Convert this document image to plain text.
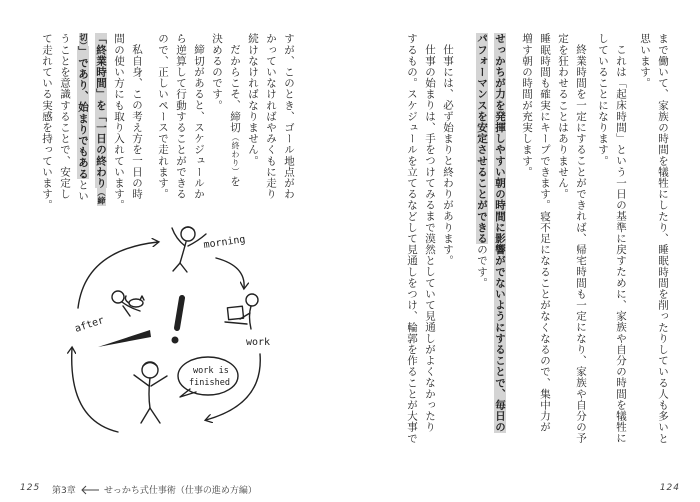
まで働いて、家族の時間を犠牲にしたり、睡眠時間を削ったりしている人も多いと
思います。
これは「起床時間」という一日の基準に戻すために、家族や自分の時間を犠牲に
していることになります。
終業時間を一定にすることができれば、帰宅時間も一定になり、家族や自分の予
定を狂わせることはありません。
睡眠時間も確実にキープできます。寝不足になることがなくなるので、集中力が
増す朝の時間が充実します。
せっかちが力を発揮しやすい朝の時間に影響がでないようにすることで、毎日の
パフォーマンスを安定させることができるのです。
仕事には、必ず始まりと終わりがあります。
仕事の始まりは、手をつけてみるまで漠然としていて見通しがよくなかったり
するもの。スケジュールを立てるなどして見通しをつけ、輪郭を作ることが大事で
すが、このとき、ゴール地点がわ
かっていなければやみくもに走り
続けなければなりません。
だからこそ、締切（終わり）を
決めるのです。
締切があると、スケジュールか
ら逆算して行動することができる
ので、正しいペースで走れます。
私自身、この考え方を一日の時
間の使い方にも取り入れています。
「終業時間」を「一日の終わり（締
切）」であり、始まりでもあるとい
うことを意識することで、安定し
て走れている実感を持っています。
morning
work
work is
finished
after
125 第3章	せっかち式仕事術（仕事の進め方編）	124
